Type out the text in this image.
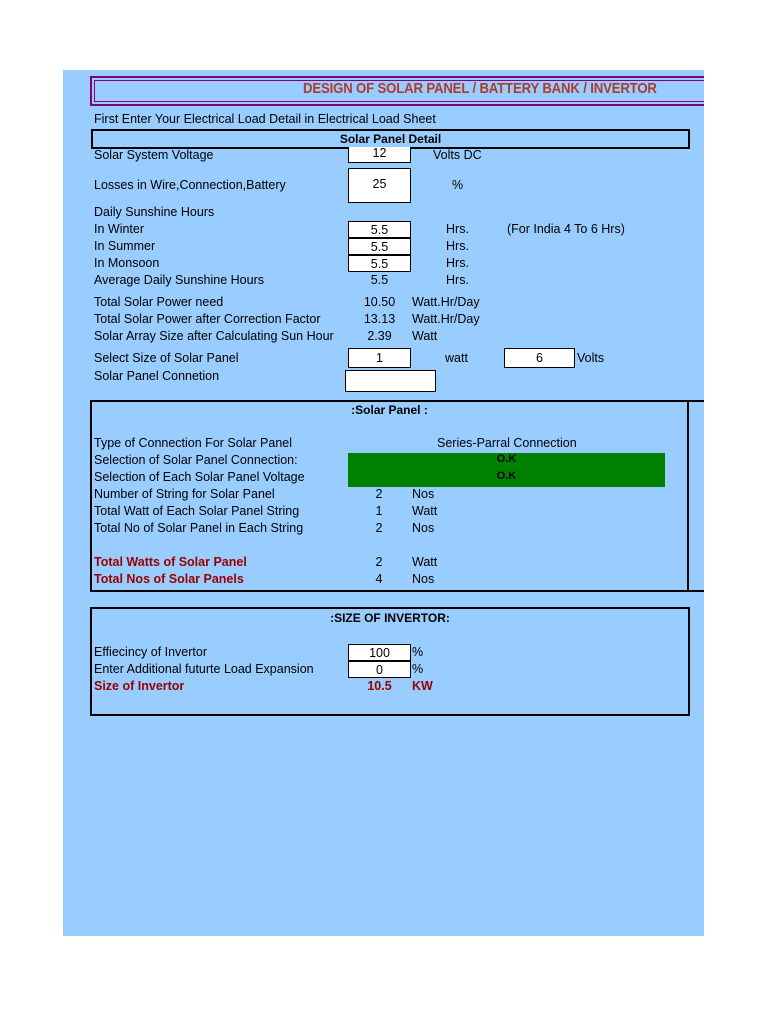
DESIGN OF SOLAR PANEL / BATTERY BANK / INVERTOR
First Enter Your Electrical Load Detail in Electrical Load Sheet
Solar Panel Detail
Solar System Voltage	12	Volts DC
Losses in Wire,Connection,Battery	25	%
Daily Sunshine Hours
In Winter	5.5	Hrs.	(For India 4 To 6 Hrs)
In Summer	5.5	Hrs.
In Monsoon	5.5	Hrs.
Average Daily Sunshine Hours	5.5	Hrs.
Total Solar Power need	10.50	Watt.Hr/Day
Total Solar Power after Correction Factor	13.13	Watt.Hr/Day
Solar Array Size after Calculating Sun Hour	2.39	Watt
Select Size of Solar Panel	1	watt	6	Volts
Solar Panel Connetion
:Solar Panel :
Type of Connection For Solar Panel	Series-Parral Connection
Selection of Solar Panel Connection:	O.K
Selection of Each Solar Panel Voltage	O.K
Number of String for Solar Panel	2	Nos
Total Watt of Each Solar Panel String	1	Watt
Total No of Solar Panel in Each String	2	Nos
Total Watts of Solar Panel	2	Watt
Total Nos of Solar Panels	4	Nos
:SIZE OF INVERTOR:
Effiecincy of Invertor	100	%
Enter Additional futurte Load Expansion	0	%
Size of Invertor	10.5	KW
